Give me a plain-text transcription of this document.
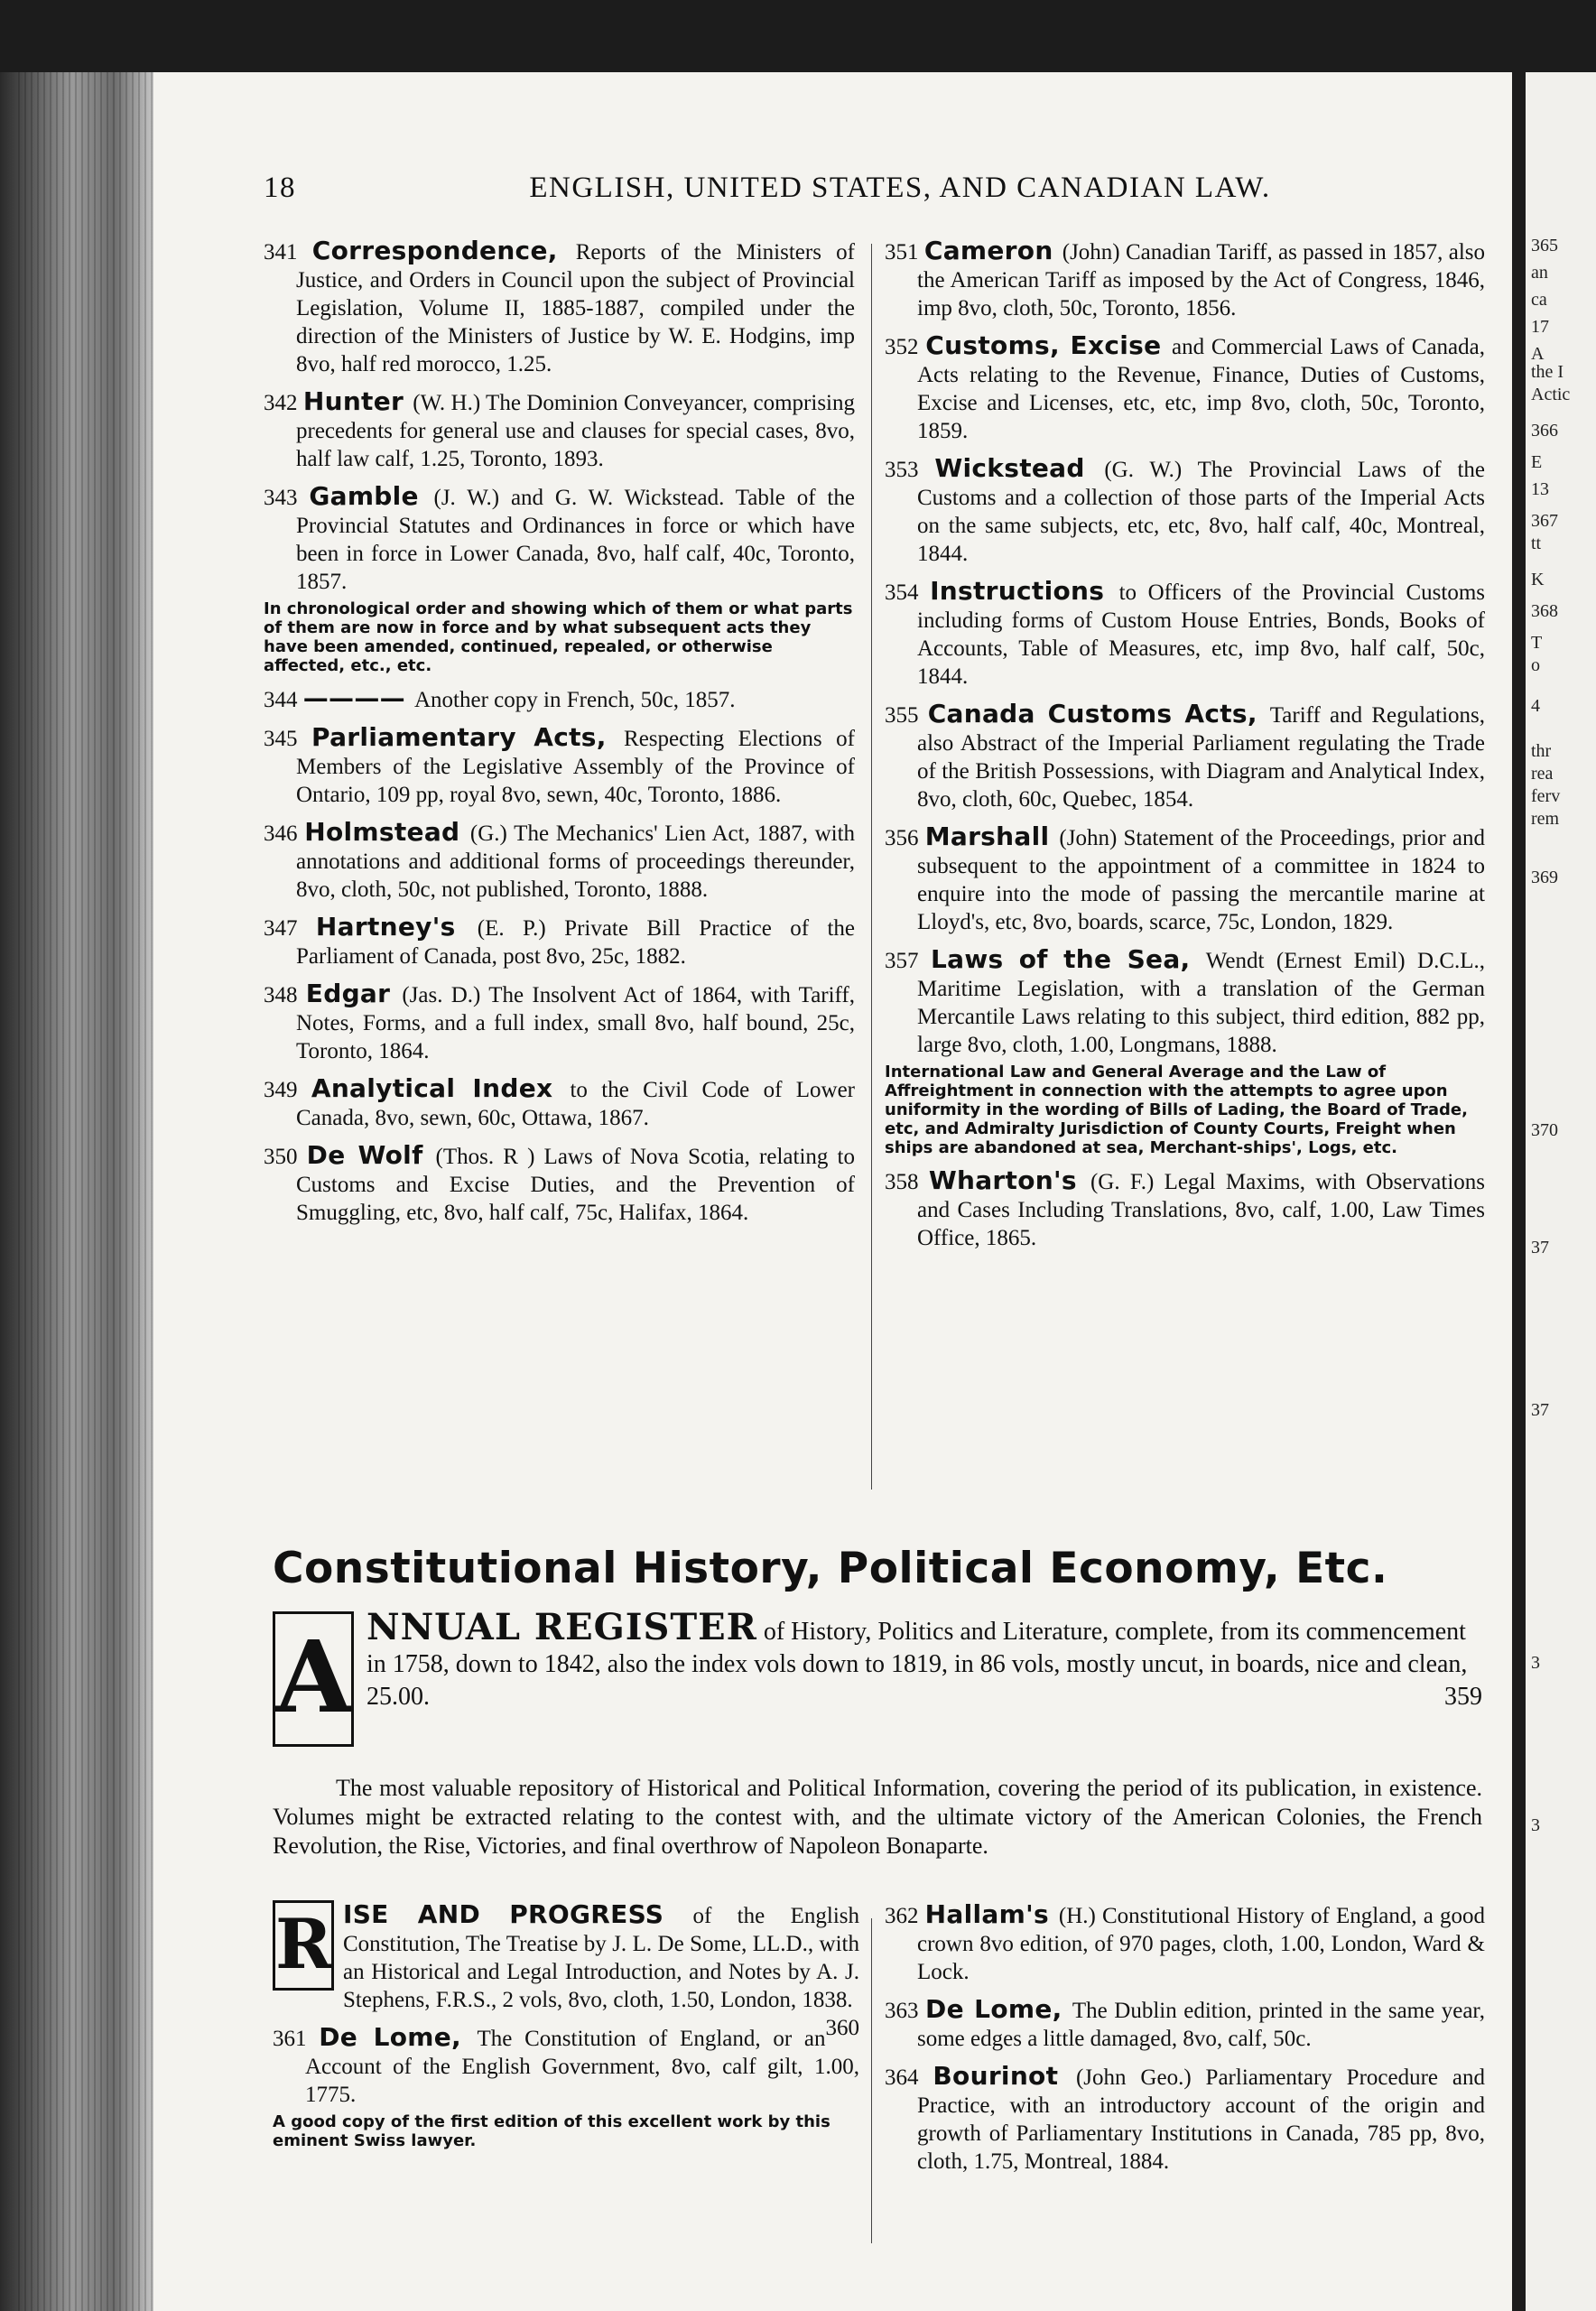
18	ENGLISH, UNITED STATES, AND CANADIAN LAW.
341 Correspondence, Reports of the Ministers of Justice, and Orders in Council upon the subject of Provincial Legislation, Volume II, 1885-1887, compiled under the direction of the Ministers of Justice by W. E. Hodgins, imp 8vo, half red morocco, 1.25.
342 Hunter (W. H.) The Dominion Conveyancer, comprising precedents for general use and clauses for special cases, 8vo, half law calf, 1.25, Toronto, 1893.
343 Gamble (J. W.) and G. W. Wickstead. Table of the Provincial Statutes and Ordinances in force or which have been in force in Lower Canada, 8vo, half calf, 40c, Toronto, 1857.
In chronological order and showing which of them or what parts of them are now in force and by what subsequent acts they have been amended, continued, repealed, or otherwise affected, etc., etc.
344 ———— Another copy in French, 50c, 1857.
345 Parliamentary Acts, Respecting Elections of Members of the Legislative Assembly of the Province of Ontario, 109 pp, royal 8vo, sewn, 40c, Toronto, 1886.
346 Holmstead (G.) The Mechanics' Lien Act, 1887, with annotations and additional forms of proceedings thereunder, 8vo, cloth, 50c, not published, Toronto, 1888.
347 Hartney's (E. P.) Private Bill Practice of the Parliament of Canada, post 8vo, 25c, 1882.
348 Edgar (Jas. D.) The Insolvent Act of 1864, with Tariff, Notes, Forms, and a full index, small 8vo, half bound, 25c, Toronto, 1864.
349 Analytical Index to the Civil Code of Lower Canada, 8vo, sewn, 60c, Ottawa, 1867.
350 De Wolf (Thos. R ) Laws of Nova Scotia, relating to Customs and Excise Duties, and the Prevention of Smuggling, etc, 8vo, half calf, 75c, Halifax, 1864.
351 Cameron (John) Canadian Tariff, as passed in 1857, also the American Tariff as imposed by the Act of Congress, 1846, imp 8vo, cloth, 50c, Toronto, 1856.
352 Customs, Excise and Commercial Laws of Canada, Acts relating to the Revenue, Finance, Duties of Customs, Excise and Licenses, etc, etc, imp 8vo, cloth, 50c, Toronto, 1859.
353 Wickstead (G. W.) The Provincial Laws of the Customs and a collection of those parts of the Imperial Acts on the same subjects, etc, etc, 8vo, half calf, 40c, Montreal, 1844.
354 Instructions to Officers of the Provincial Customs including forms of Custom House Entries, Bonds, Books of Accounts, Table of Measures, etc, imp 8vo, half calf, 50c, 1844.
355 Canada Customs Acts, Tariff and Regulations, also Abstract of the Imperial Parliament regulating the Trade of the British Possessions, with Diagram and Analytical Index, 8vo, cloth, 60c, Quebec, 1854.
356 Marshall (John) Statement of the Proceedings, prior and subsequent to the appointment of a committee in 1824 to enquire into the mode of passing the mercantile marine at Lloyd's, etc, 8vo, boards, scarce, 75c, London, 1829.
357 Laws of the Sea, Wendt (Ernest Emil) D.C.L., Maritime Legislation, with a translation of the German Mercantile Laws relating to this subject, third edition, 882 pp, large 8vo, cloth, 1.00, Longmans, 1888.
International Law and General Average and the Law of Affreightment in connection with the attempts to agree upon uniformity in the wording of Bills of Lading, the Board of Trade, etc, and Admiralty Jurisdiction of County Courts, Freight when ships are abandoned at sea, Merchant-ships', Logs, etc.
358 Wharton's (G. F.) Legal Maxims, with Observations and Cases Including Translations, 8vo, calf, 1.00, Law Times Office, 1865.
Constitutional History, Political Economy, Etc.
A NNUAL REGISTER of History, Politics and Literature, complete, from its commencement in 1758, down to 1842, also the index vols down to 1819, in 86 vols, mostly uncut, in boards, nice and clean, 25.00.	359
The most valuable repository of Historical and Political Information, covering the period of its publication, in existence. Volumes might be extracted relating to the contest with, and the ultimate victory of the American Colonies, the French Revolution, the Rise, Victories, and final overthrow of Napoleon Bonaparte.
R ISE AND PROGRESS of the English Constitution, The Treatise by J. L. De Some, LL.D., with an Historical and Legal Introduction, and Notes by A. J. Stephens, F.R.S., 2 vols, 8vo, cloth, 1.50, London, 1838.
360
361 De Lome, The Constitution of England, or an Account of the English Government, 8vo, calf gilt, 1.00, 1775.
A good copy of the first edition of this excellent work by this eminent Swiss lawyer.
362 Hallam's (H.) Constitutional History of England, a good crown 8vo edition, of 970 pages, cloth, 1.00, London, Ward & Lock.
363 De Lome, The Dublin edition, printed in the same year, some edges a little damaged, 8vo, calf, 50c.
364 Bourinot (John Geo.) Parliamentary Procedure and Practice, with an introductory account of the origin and growth of Parliamentary Institutions in Canada, 785 pp, 8vo, cloth, 1.75, Montreal, 1884.
365
an
ca
17
A
the I
Actic
366
E
13
367
tt
K
368
T
o
4
thr
rea
ferv
rem
369
370
37
37
3
3
